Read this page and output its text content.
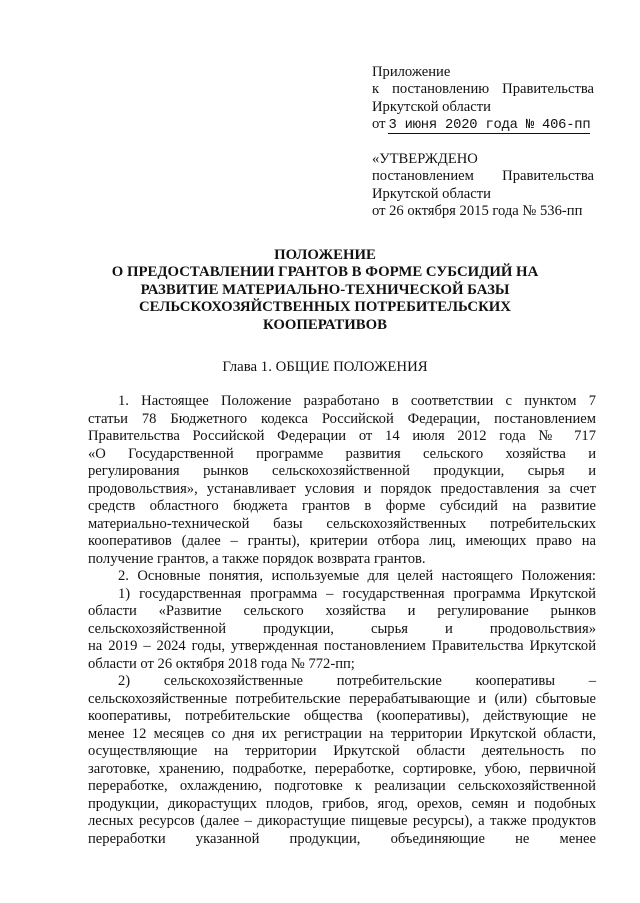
Приложение
к постановлению Правительства
Иркутской области
от 3 июня 2020 года № 406-пп
«УТВЕРЖДЕНО
постановлением Правительства
Иркутской области
от 26 октября 2015 года № 536-пп
ПОЛОЖЕНИЕ
О ПРЕДОСТАВЛЕНИИ ГРАНТОВ В ФОРМЕ СУБСИДИЙ НА
РАЗВИТИЕ МАТЕРИАЛЬНО-ТЕХНИЧЕСКОЙ БАЗЫ
СЕЛЬСКОХОЗЯЙСТВЕННЫХ ПОТРЕБИТЕЛЬСКИХ
КООПЕРАТИВОВ
Глава 1. ОБЩИЕ ПОЛОЖЕНИЯ
1. Настоящее Положение разработано в соответствии с пунктом 7
статьи 78 Бюджетного кодекса Российской Федерации, постановлением
Правительства Российской Федерации от 14 июля 2012 года № 717
«О Государственной программе развития сельского хозяйства и
регулирования рынков сельскохозяйственной продукции, сырья и
продовольствия», устанавливает условия и порядок предоставления за счет
средств областного бюджета грантов в форме субсидий на развитие
материально-технической базы сельскохозяйственных потребительских
кооперативов (далее – гранты), критерии отбора лиц, имеющих право на
получение грантов, а также порядок возврата грантов.
2. Основные понятия, используемые для целей настоящего Положения:
1) государственная программа – государственная программа Иркутской
области «Развитие сельского хозяйства и регулирование рынков
сельскохозяйственной продукции, сырья и продовольствия»
на 2019 – 2024 годы, утвержденная постановлением Правительства Иркутской
области от 26 октября 2018 года № 772-пп;
2) сельскохозяйственные потребительские кооперативы –
сельскохозяйственные потребительские перерабатывающие и (или) сбытовые
кооперативы, потребительские общества (кооперативы), действующие не
менее 12 месяцев со дня их регистрации на территории Иркутской области,
осуществляющие на территории Иркутской области деятельность по
заготовке, хранению, подработке, переработке, сортировке, убою, первичной
переработке, охлаждению, подготовке к реализации сельскохозяйственной
продукции, дикорастущих плодов, грибов, ягод, орехов, семян и подобных
лесных ресурсов (далее – дикорастущие пищевые ресурсы), а также продуктов
переработки указанной продукции, объединяющие не менее
